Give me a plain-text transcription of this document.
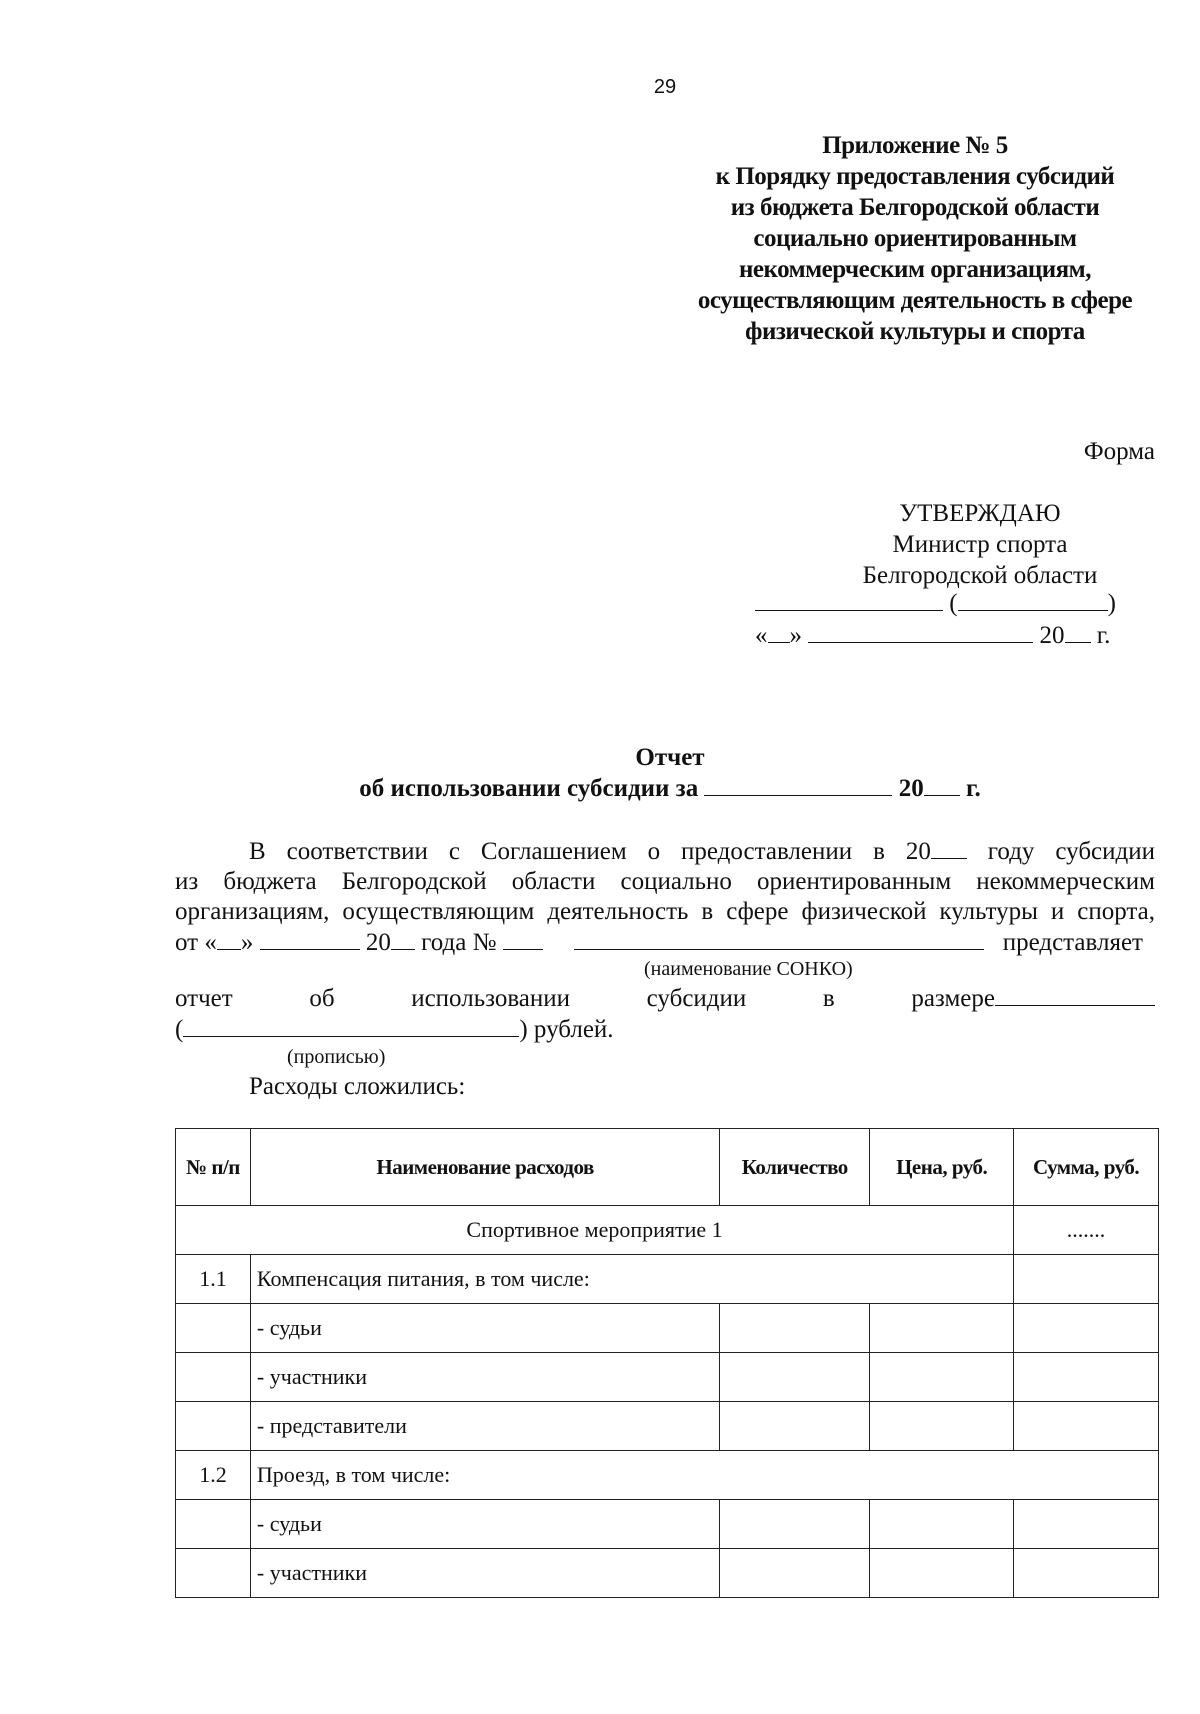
29
Приложение № 5
к Порядку предоставления субсидий
из бюджета Белгородской области
социально ориентированным
некоммерческим организациям,
осуществляющим деятельность в сфере
физической культуры и спорта
Форма
УТВЕРЖДАЮ
Министр спорта
Белгородской области
(	)
« »	20 г.
Отчет
об использовании субсидии за	20 г.
В соответствии с Соглашением о предоставлении в 20 году субсидии
из бюджета Белгородской области социально ориентированным некоммерческим
организациям, осуществляющим деятельность в сфере физической культуры и спорта,
от « »	20 года №	представляет
(наименование СОНКО)
отчет	об	использовании	субсидии	в	размере
(	) рублей.
(прописью)
Расходы сложились:
№ п/п	Наименование расходов	Количество	Цена, руб.	Сумма, руб.
Спортивное мероприятие 1				.......
1.1	Компенсация питания, в том числе:			
	- судьи			
	- участники			
	- представители			
1.2	Проезд, в том числе:			
	- судьи			
	- участники			
